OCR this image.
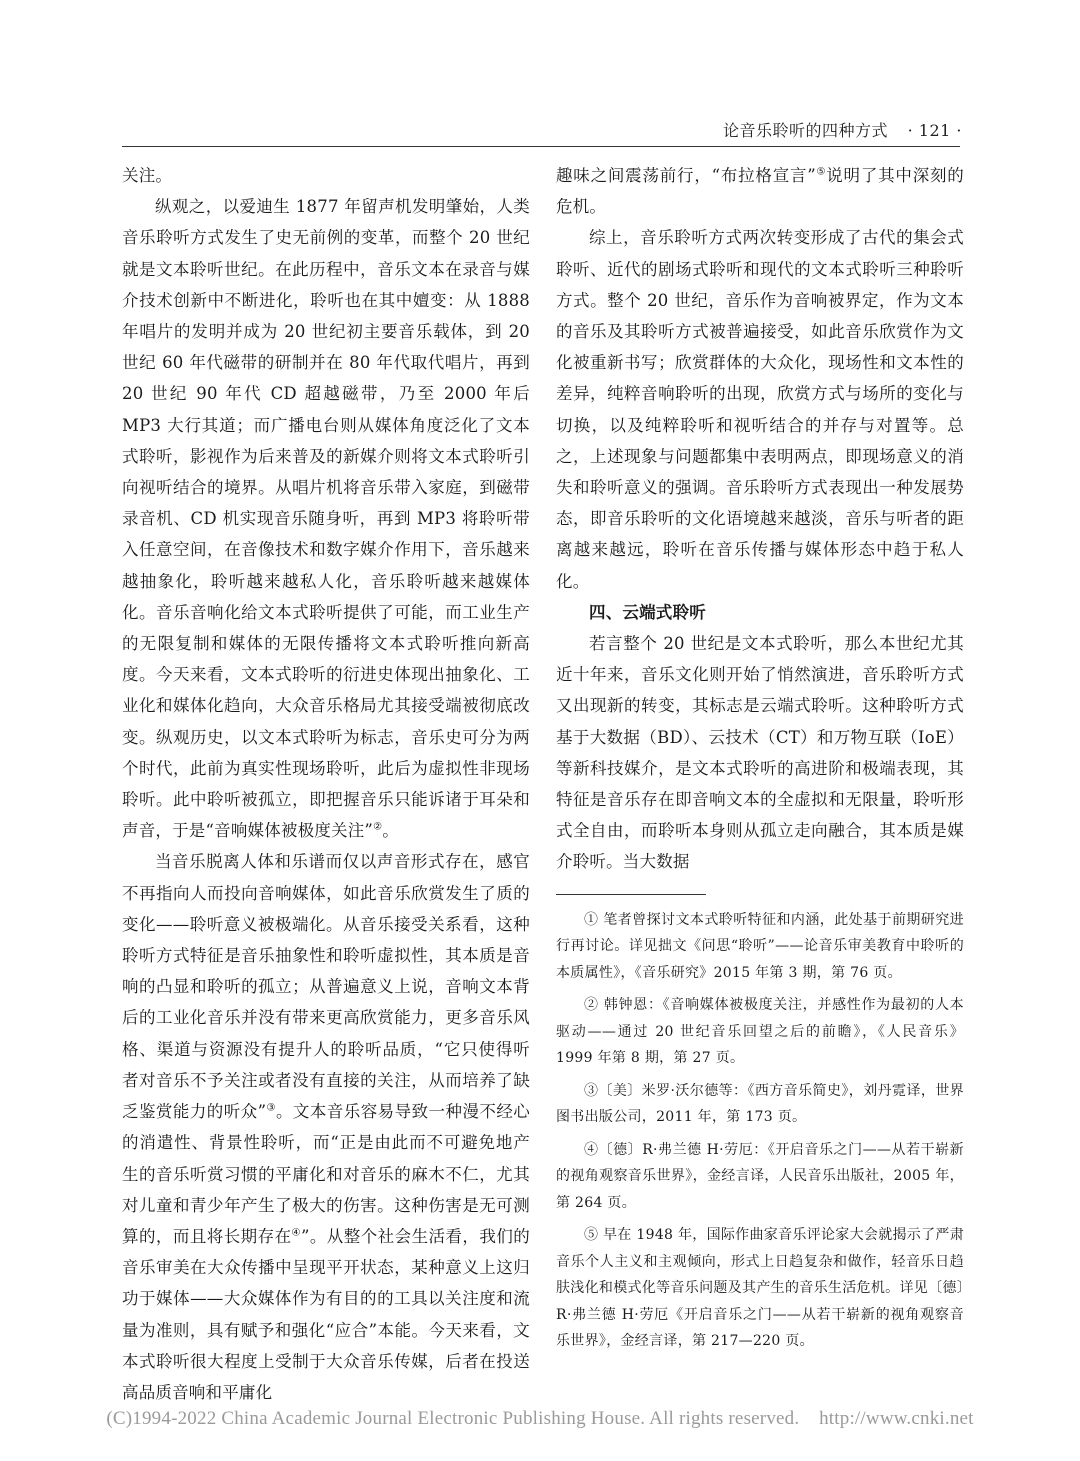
论音乐聆听的四种方式 · 121 ·

关注。

纵观之，以爱迪生 1877 年留声机发明肇始，人类音乐聆听方式发生了史无前例的变革，而整个 20 世纪就是文本聆听世纪。在此历程中，音乐文本在录音与媒介技术创新中不断进化，聆听也在其中嬗变：从 1888 年唱片的发明并成为 20 世纪初主要音乐载体，到 20 世纪 60 年代磁带的研制并在 80 年代取代唱片，再到 20 世纪 90 年代 CD 超越磁带，乃至 2000 年后 MP3 大行其道；而广播电台则从媒体角度泛化了文本式聆听，影视作为后来普及的新媒介则将文本式聆听引向视听结合的境界。从唱片机将音乐带入家庭，到磁带录音机、CD 机实现音乐随身听，再到 MP3 将聆听带入任意空间，在音像技术和数字媒介作用下，音乐越来越抽象化，聆听越来越私人化，音乐聆听越来越媒体化。音乐音响化给文本式聆听提供了可能，而工业生产的无限复制和媒体的无限传播将文本式聆听推向新高度。今天来看，文本式聆听的衍进史体现出抽象化、工业化和媒体化趋向，大众音乐格局尤其接受端被彻底改变。纵观历史，以文本式聆听为标志，音乐史可分为两个时代，此前为真实性现场聆听，此后为虚拟性非现场聆听。此中聆听被孤立，即把握音乐只能诉诸于耳朵和声音，于是“音响媒体被极度关注”②。

当音乐脱离人体和乐谱而仅以声音形式存在，感官不再指向人而投向音响媒体，如此音乐欣赏发生了质的变化——聆听意义被极端化。从音乐接受关系看，这种聆听方式特征是音乐抽象性和聆听虚拟性，其本质是音响的凸显和聆听的孤立；从普遍意义上说，音响文本背后的工业化音乐并没有带来更高欣赏能力，更多音乐风格、渠道与资源没有提升人的聆听品质，“它只使得听者对音乐不予关注或者没有直接的关注，从而培养了缺乏鉴赏能力的听众”③。文本音乐容易导致一种漫不经心的消遣性、背景性聆听，而“正是由此而不可避免地产生的音乐听赏习惯的平庸化和对音乐的麻木不仁，尤其对儿童和青少年产生了极大的伤害。这种伤害是无可测算的，而且将长期存在④”。从整个社会生活看，我们的音乐审美在大众传播中呈现平开状态，某种意义上这归功于媒体——大众媒体作为有目的的工具以关注度和流量为准则，具有赋予和强化“应合”本能。今天来看，文本式聆听很大程度上受制于大众音乐传媒，后者在投送高品质音响和平庸化

趣味之间震荡前行，“布拉格宣言”⑤说明了其中深刻的危机。

综上，音乐聆听方式两次转变形成了古代的集会式聆听、近代的剧场式聆听和现代的文本式聆听三种聆听方式。整个 20 世纪，音乐作为音响被界定，作为文本的音乐及其聆听方式被普遍接受，如此音乐欣赏作为文化被重新书写；欣赏群体的大众化，现场性和文本性的差异，纯粹音响聆听的出现，欣赏方式与场所的变化与切换，以及纯粹聆听和视听结合的并存与对置等。总之，上述现象与问题都集中表明两点，即现场意义的消失和聆听意义的强调。音乐聆听方式表现出一种发展势态，即音乐聆听的文化语境越来越淡，音乐与听者的距离越来越远，聆听在音乐传播与媒体形态中趋于私人化。

四、云端式聆听

若言整个 20 世纪是文本式聆听，那么本世纪尤其近十年来，音乐文化则开始了悄然演进，音乐聆听方式又出现新的转变，其标志是云端式聆听。这种聆听方式基于大数据（BD）、云技术（CT）和万物互联（IoE）等新科技媒介，是文本式聆听的高进阶和极端表现，其特征是音乐存在即音响文本的全虚拟和无限量，聆听形式全自由，而聆听本身则从孤立走向融合，其本质是媒介聆听。当大数据

① 笔者曾探讨文本式聆听特征和内涵，此处基于前期研究进行再讨论。详见拙文《问思“聆听”——论音乐审美教育中聆听的本质属性》，《音乐研究》2015 年第 3 期，第 76 页。

② 韩钟恩：《音响媒体被极度关注，并感性作为最初的人本驱动——通过 20 世纪音乐回望之后的前瞻》，《人民音乐》1999 年第 8 期，第 27 页。

③〔美〕米罗·沃尔德等：《西方音乐简史》，刘丹霓译，世界图书出版公司，2011 年，第 173 页。

④〔德〕R·弗兰德 H·劳厄：《开启音乐之门——从若干崭新的视角观察音乐世界》，金经言译，人民音乐出版社，2005 年，第 264 页。

⑤ 早在 1948 年，国际作曲家音乐评论家大会就揭示了严肃音乐个人主义和主观倾向，形式上日趋复杂和做作，轻音乐日趋肤浅化和模式化等音乐问题及其产生的音乐生活危机。详见〔德〕R·弗兰德 H·劳厄《开启音乐之门——从若干崭新的视角观察音乐世界》，金经言译，第 217—220 页。

(C)1994-2022 China Academic Journal Electronic Publishing House. All rights reserved.    http://www.cnki.net
